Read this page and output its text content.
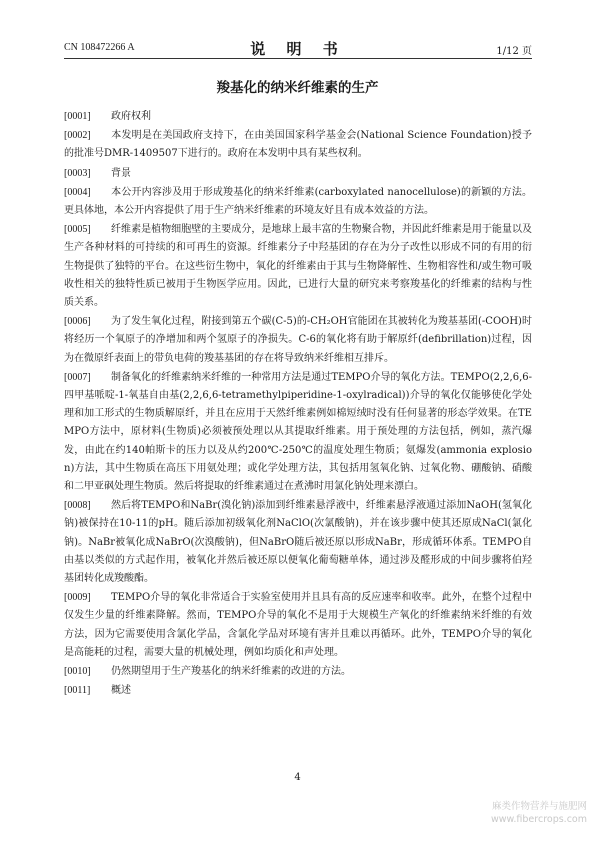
CN 108472266 A	说 明 书	1/12 页
羧基化的纳米纤维素的生产

[0001] 政府权利

[0002] 本发明是在美国政府支持下，在由美国国家科学基金会(National Science Foundation)授予的批准号DMR-1409507下进行的。政府在本发明中具有某些权利。

[0003] 背景

[0004] 本公开内容涉及用于形成羧基化的纳米纤维素(carboxylated nanocellulose)的新颖的方法。更具体地，本公开内容提供了用于生产纳米纤维素的环境友好且有成本效益的方法。

[0005] 纤维素是植物细胞壁的主要成分，是地球上最丰富的生物聚合物，并因此纤维素是用于能量以及生产各种材料的可持续的和可再生的资源。纤维素分子中羟基团的存在为分子改性以形成不同的有用的衍生物提供了独特的平台。在这些衍生物中，氧化的纤维素由于其与生物降解性、生物相容性和/或生物可吸收性相关的独特性质已被用于生物医学应用。因此，已进行大量的研究来考察羧基化的纤维素的结构与性质关系。

[0006] 为了发生氧化过程，附接到第五个碳(C-5)的-CH₂OH官能团在其被转化为羧基基团(-COOH)时将经历一个氧原子的净增加和两个氢原子的净损失。C-6的氧化将有助于解原纤(defibrillation)过程，因为在微原纤表面上的带负电荷的羧基基团的存在将导致纳米纤维相互排斥。

[0007] 制备氧化的纤维素纳米纤维的一种常用方法是通过TEMPO介导的氧化方法。TEMPO(2,2,6,6-四甲基哌啶-1-氧基自由基(2,2,6,6-tetramethylpiperidine-1-oxylradical))介导的氧化仅能够使化学处理和加工形式的生物质解原纤，并且在应用于天然纤维素例如棉短绒时没有任何显著的形态学效果。在TEMPO方法中，原材料(生物质)必须被预处理以从其提取纤维素。用于预处理的方法包括，例如，蒸汽爆发，由此在约140帕斯卡的压力以及从约200℃-250℃的温度处理生物质；氨爆发(ammonia explosion)方法，其中生物质在高压下用氨处理；或化学处理方法，其包括用氢氧化钠、过氧化物、硼酸钠、硝酸和二甲亚砜处理生物质。然后将提取的纤维素通过在煮沸时用氯化钠处理来漂白。

[0008] 然后将TEMPO和NaBr(溴化钠)添加到纤维素悬浮液中，纤维素悬浮液通过添加NaOH(氢氧化钠)被保持在10-11的pH。随后添加初级氧化剂NaClO(次氯酸钠)，并在该步骤中使其还原成NaCl(氯化钠)。NaBr被氧化成NaBrO(次溴酸钠)，但NaBrO随后被还原以形成NaBr，形成循环体系。TEMPO自由基以类似的方式起作用，被氧化并然后被还原以便氧化葡萄糖单体，通过涉及醛形成的中间步骤将伯羟基团转化成羧酸酯。

[0009] TEMPO介导的氧化非常适合于实验室使用并且具有高的反应速率和收率。此外，在整个过程中仅发生少量的纤维素降解。然而，TEMPO介导的氧化不是用于大规模生产氧化的纤维素纳米纤维的有效方法，因为它需要使用含氯化学品，含氯化学品对环境有害并且难以再循环。此外，TEMPO介导的氧化是高能耗的过程，需要大量的机械处理，例如均质化和声处理。

[0010] 仍然期望用于生产羧基化的纳米纤维素的改进的方法。

[0011] 概述

4
麻类作物营养与施肥网
www.fibercrops.com
